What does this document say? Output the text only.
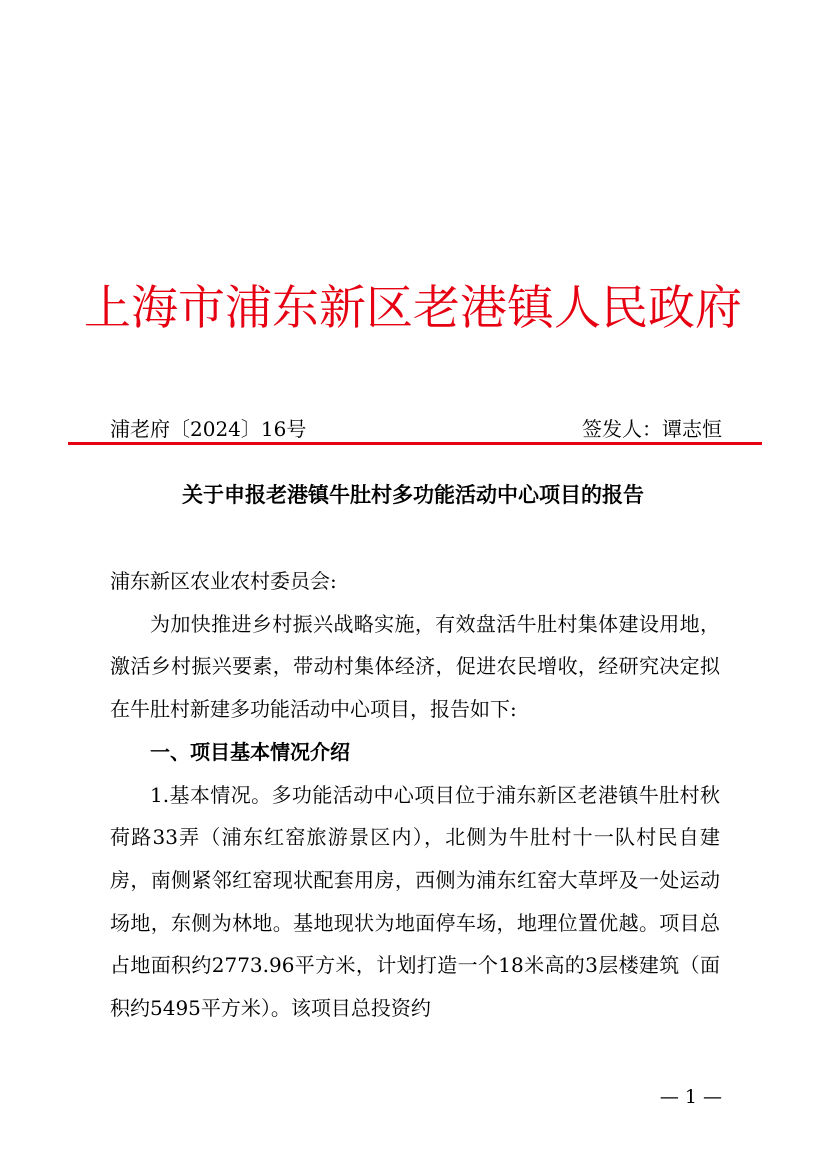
上海市浦东新区老港镇人民政府
浦老府〔2024〕16号	签发人：谭志恒
关于申报老港镇牛肚村多功能活动中心项目的报告

浦东新区农业农村委员会:

为加快推进乡村振兴战略实施，有效盘活牛肚村集体建设用地，激活乡村振兴要素，带动村集体经济，促进农民增收，经研究决定拟在牛肚村新建多功能活动中心项目，报告如下:

一、项目基本情况介绍

1.基本情况。多功能活动中心项目位于浦东新区老港镇牛肚村秋荷路33弄（浦东红窑旅游景区内），北侧为牛肚村十一队村民自建房，南侧紧邻红窑现状配套用房，西侧为浦东红窑大草坪及一处运动场地，东侧为林地。基地现状为地面停车场，地理位置优越。项目总占地面积约2773.96平方米，计划打造一个18米高的3层楼建筑（面积约5495平方米）。该项目总投资约

— 1 —
